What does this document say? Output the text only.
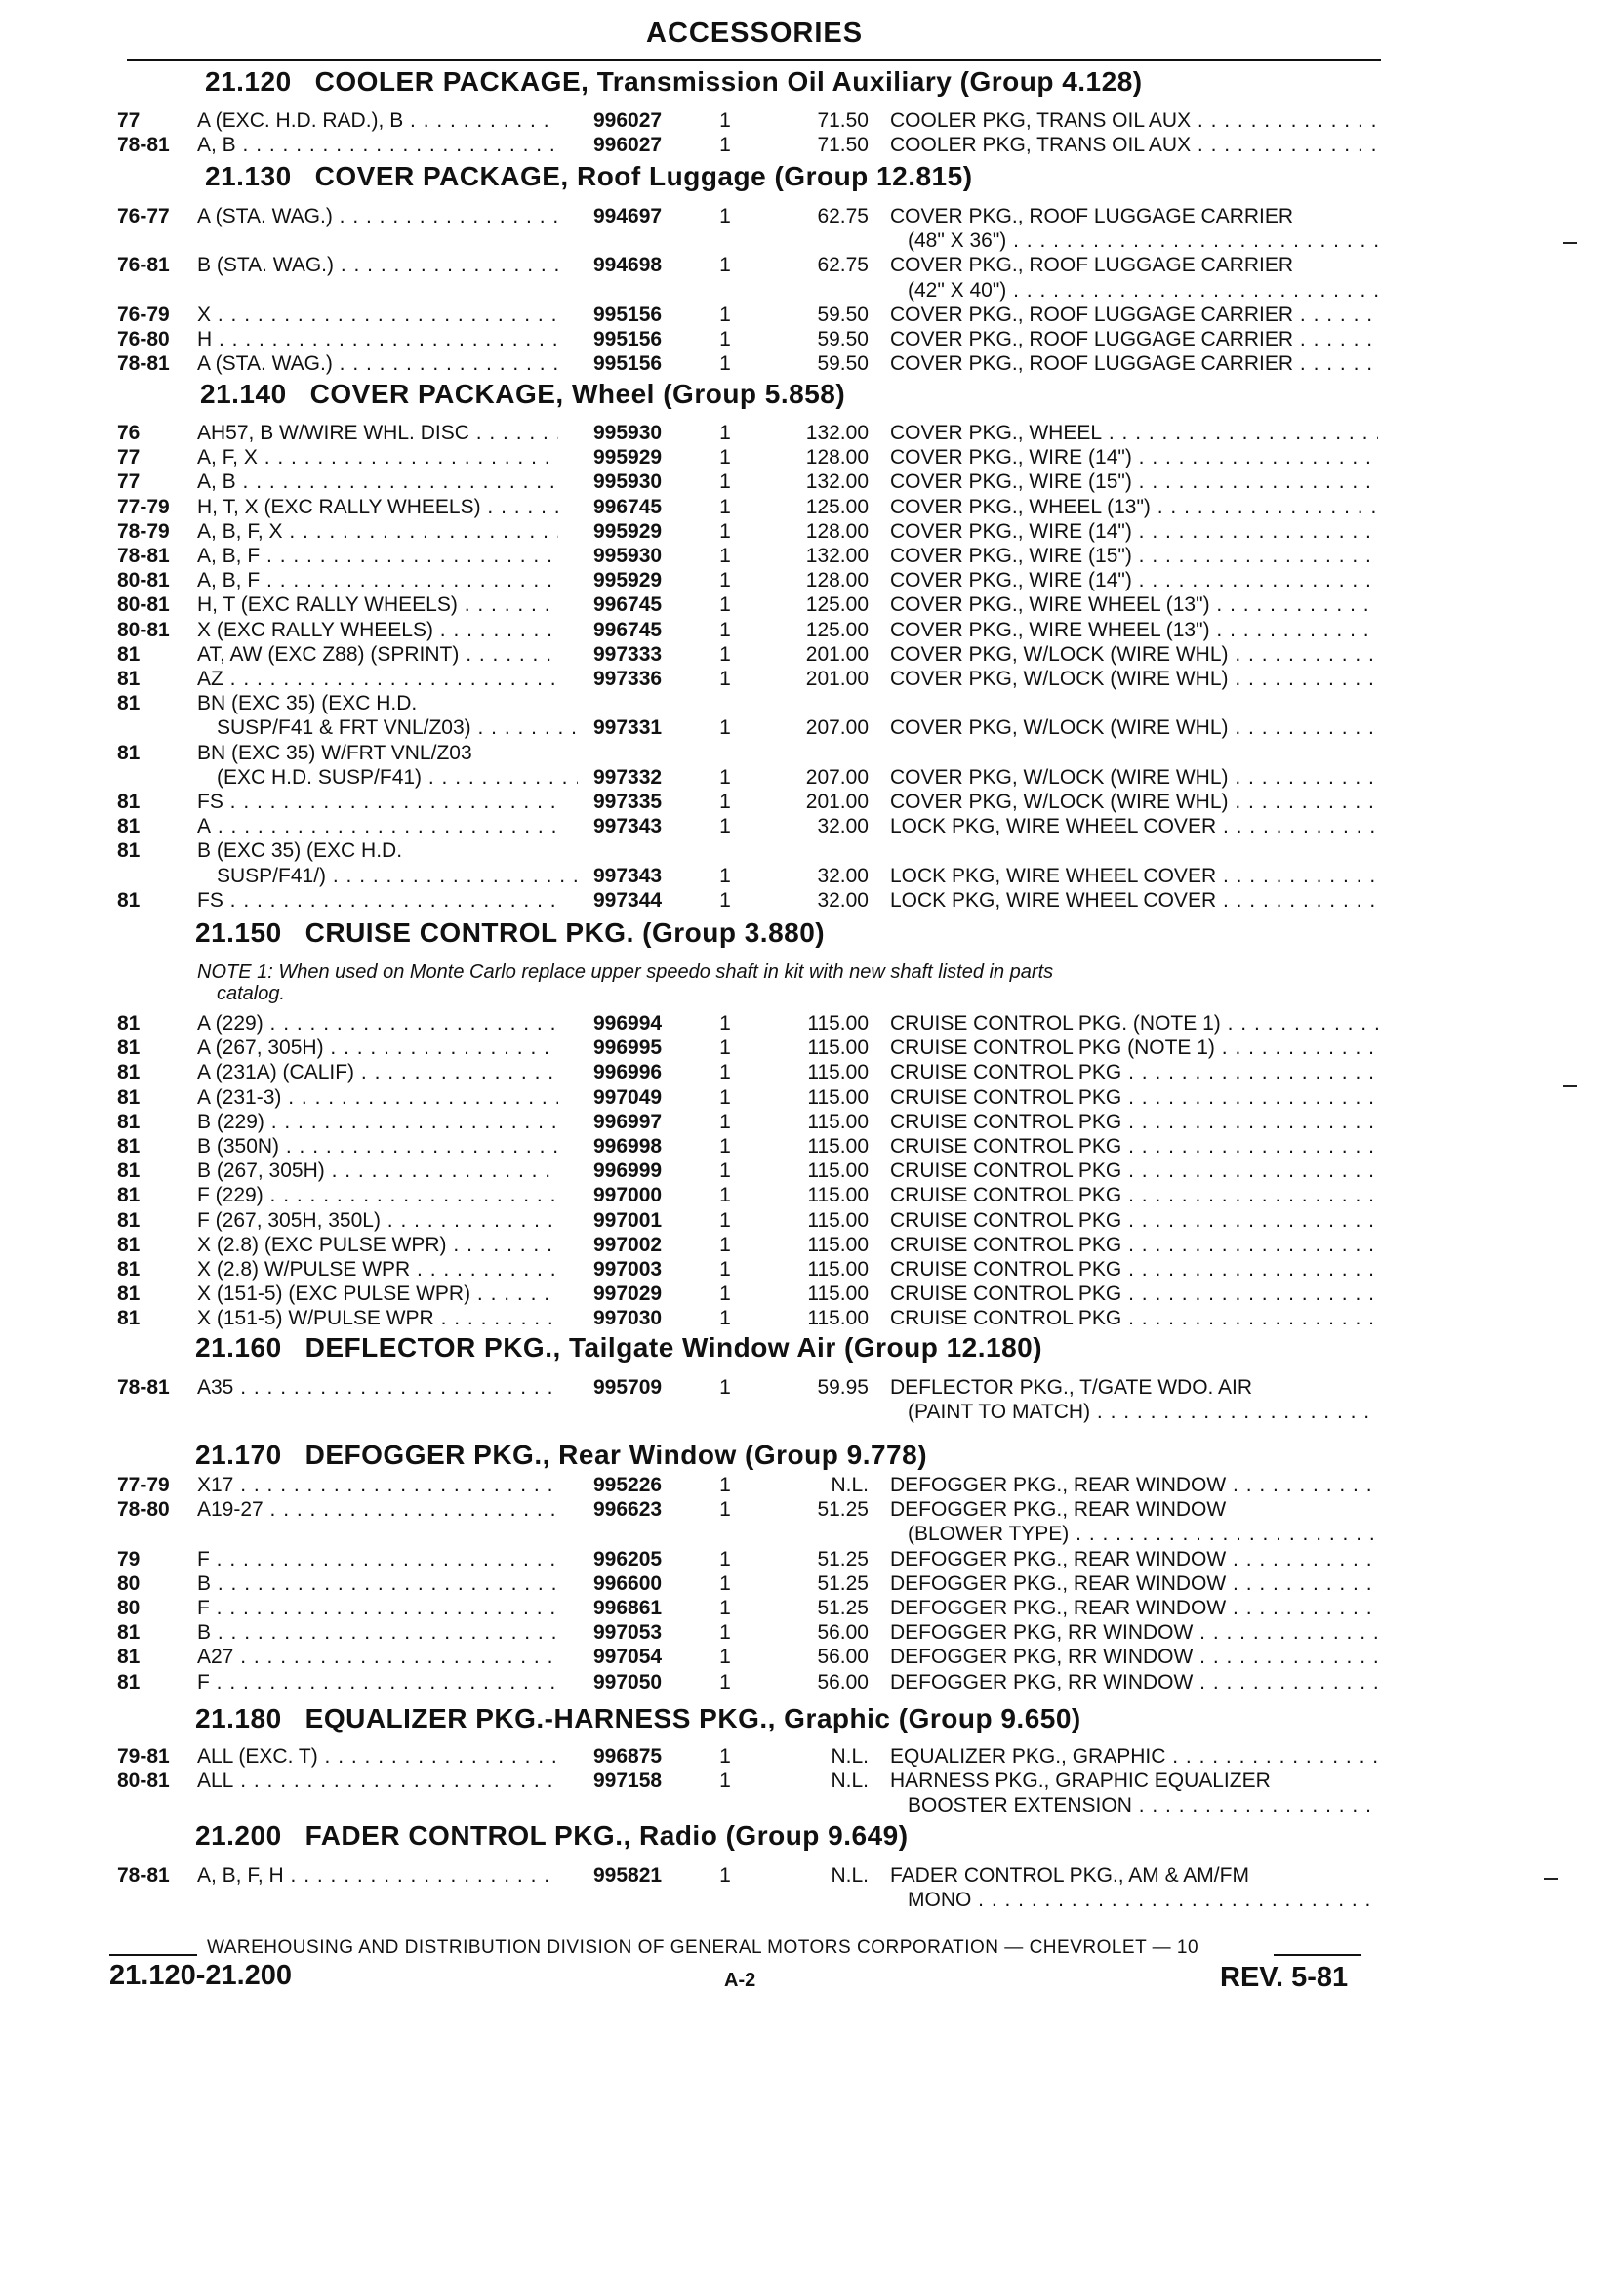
ACCESSORIES
21.120 COOLER PACKAGE, Transmission Oil Auxiliary (Group 4.128)
77	A (EXC. H.D. RAD.), B . . .	996027	1	71.50 COOLER PKG, TRANS OIL AUX . . .
78-81	A, B . . .	996027	1	71.50 COOLER PKG, TRANS OIL AUX . . .
21.130 COVER PACKAGE, Roof Luggage (Group 12.815)
76-77	A (STA. WAG.) . . .	994697	1	62.75 COVER PKG., ROOF LUGGAGE CARRIER
(48" X 36") . . .
76-81	B (STA. WAG.) . . .	994698	1	62.75 COVER PKG., ROOF LUGGAGE CARRIER
(42" X 40") . . .
76-79	X . . .	995156	1	59.50 COVER PKG., ROOF LUGGAGE CARRIER . . .
76-80	H . . .	995156	1	59.50 COVER PKG., ROOF LUGGAGE CARRIER . . .
78-81	A (STA. WAG.) . . .	995156	1	59.50 COVER PKG., ROOF LUGGAGE CARRIER . . .
21.140 COVER PACKAGE, Wheel (Group 5.858)
76	AH57, B W/WIRE WHL. DISC . . .	995930	1	132.00 COVER PKG., WHEEL . . .
77	A, F, X . . .	995929	1	128.00 COVER PKG., WIRE (14") . . .
77	A, B . . .	995930	1	132.00 COVER PKG., WIRE (15") . . .
77-79	H, T, X (EXC RALLY WHEELS) . . .	996745	1	125.00 COVER PKG., WHEEL (13") . . .
78-79	A, B, F, X . . .	995929	1	128.00 COVER PKG., WIRE (14") . . .
78-81	A, B, F . . .	995930	1	132.00 COVER PKG., WIRE (15") . . .
80-81	A, B, F . . .	995929	1	128.00 COVER PKG., WIRE (14") . . .
80-81	H, T (EXC RALLY WHEELS) . . .	996745	1	125.00 COVER PKG., WIRE WHEEL (13") . . .
80-81	X (EXC RALLY WHEELS) . . .	996745	1	125.00 COVER PKG., WIRE WHEEL (13") . . .
81	AT, AW (EXC Z88) (SPRINT) . . .	997333	1	201.00 COVER PKG, W/LOCK (WIRE WHL) . . .
81	AZ . . .	997336	1	201.00 COVER PKG, W/LOCK (WIRE WHL) . . .
81	BN (EXC 35) (EXC H.D.
SUSP/F41 & FRT VNL/Z03) . . .	997331	1	207.00 COVER PKG, W/LOCK (WIRE WHL) . . .
81	BN (EXC 35) W/FRT VNL/Z03
(EXC H.D. SUSP/F41) . . .	997332	1	207.00 COVER PKG, W/LOCK (WIRE WHL) . . .
81	FS . . .	997335	1	201.00 COVER PKG, W/LOCK (WIRE WHL) . . .
81	A . . .	997343	1	32.00 LOCK PKG, WIRE WHEEL COVER . . .
81	B (EXC 35) (EXC H.D.
SUSP/F41/) . . .	997343	1	32.00 LOCK PKG, WIRE WHEEL COVER . . .
81	FS . . .	997344	1	32.00 LOCK PKG, WIRE WHEEL COVER . . .
21.150 CRUISE CONTROL PKG. (Group 3.880)
NOTE 1: When used on Monte Carlo replace upper speedo shaft in kit with new shaft listed in parts
catalog.
81	A (229) . . .	996994	1	115.00 CRUISE CONTROL PKG. (NOTE 1) . . .
81	A (267, 305H) . . .	996995	1	115.00 CRUISE CONTROL PKG (NOTE 1) . . .
81	A (231A) (CALIF) . . .	996996	1	115.00 CRUISE CONTROL PKG . . .
81	A (231-3) . . .	997049	1	115.00 CRUISE CONTROL PKG . . .
81	B (229) . . .	996997	1	115.00 CRUISE CONTROL PKG . . .
81	B (350N) . . .	996998	1	115.00 CRUISE CONTROL PKG . . .
81	B (267, 305H) . . .	996999	1	115.00 CRUISE CONTROL PKG . . .
81	F (229) . . .	997000	1	115.00 CRUISE CONTROL PKG . . .
81	F (267, 305H, 350L) . . .	997001	1	115.00 CRUISE CONTROL PKG . . .
81	X (2.8) (EXC PULSE WPR) . . .	997002	1	115.00 CRUISE CONTROL PKG . . .
81	X (2.8) W/PULSE WPR . . .	997003	1	115.00 CRUISE CONTROL PKG . . .
81	X (151-5) (EXC PULSE WPR) . . .	997029	1	115.00 CRUISE CONTROL PKG . . .
81	X (151-5) W/PULSE WPR . . .	997030	1	115.00 CRUISE CONTROL PKG . . .
21.160 DEFLECTOR PKG., Tailgate Window Air (Group 12.180)
78-81	A35 . . .	995709	1	59.95 DEFLECTOR PKG., T/GATE WDO. AIR
(PAINT TO MATCH) . . .
21.170 DEFOGGER PKG., Rear Window (Group 9.778)
77-79	X17 . . .	995226	1	N.L. DEFOGGER PKG., REAR WINDOW . . .
78-80	A19-27 . . .	996623	1	51.25 DEFOGGER PKG., REAR WINDOW
(BLOWER TYPE) . . .
79	F . . .	996205	1	51.25 DEFOGGER PKG., REAR WINDOW . . .
80	B . . .	996600	1	51.25 DEFOGGER PKG., REAR WINDOW . . .
80	F . . .	996861	1	51.25 DEFOGGER PKG., REAR WINDOW . . .
81	B . . .	997053	1	56.00 DEFOGGER PKG, RR WINDOW . . .
81	A27 . . .	997054	1	56.00 DEFOGGER PKG, RR WINDOW . . .
81	F . . .	997050	1	56.00 DEFOGGER PKG, RR WINDOW . . .
21.180 EQUALIZER PKG.-HARNESS PKG., Graphic (Group 9.650)
79-81	ALL (EXC. T) . . .	996875	1	N.L. EQUALIZER PKG., GRAPHIC . . .
80-81	ALL . . .	997158	1	N.L. HARNESS PKG., GRAPHIC EQUALIZER
BOOSTER EXTENSION . . .
21.200 FADER CONTROL PKG., Radio (Group 9.649)
78-81	A, B, F, H . . .	995821	1	N.L. FADER CONTROL PKG., AM & AM/FM
MONO . . .
WAREHOUSING AND DISTRIBUTION DIVISION OF GENERAL MOTORS CORPORATION — CHEVROLET — 10
21.120-21.200	A-2	REV. 5-81
